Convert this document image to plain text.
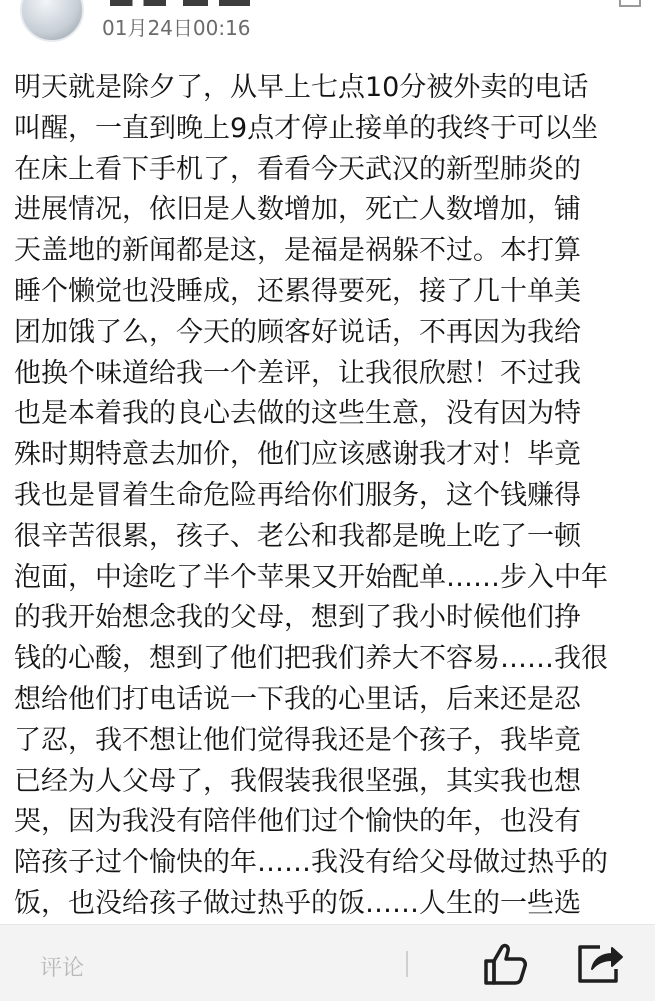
01月24日00:16
明天就是除夕了，从早上七点10分被外卖的电话
叫醒，一直到晚上9点才停止接单的我终于可以坐
在床上看下手机了，看看今天武汉的新型肺炎的
进展情况，依旧是人数增加，死亡人数增加，铺
天盖地的新闻都是这，是福是祸躲不过。本打算
睡个懒觉也没睡成，还累得要死，接了几十单美
团加饿了么，今天的顾客好说话，不再因为我给
他换个味道给我一个差评，让我很欣慰！不过我
也是本着我的良心去做的这些生意，没有因为特
殊时期特意去加价，他们应该感谢我才对！毕竟
我也是冒着生命危险再给你们服务，这个钱赚得
很辛苦很累，孩子、老公和我都是晚上吃了一顿
泡面，中途吃了半个苹果又开始配单……步入中年
的我开始想念我的父母，想到了我小时候他们挣
钱的心酸，想到了他们把我们养大不容易……我很
想给他们打电话说一下我的心里话，后来还是忍
了忍，我不想让他们觉得我还是个孩子，我毕竟
已经为人父母了，我假装我很坚强，其实我也想
哭，因为我没有陪伴他们过个愉快的年，也没有
陪孩子过个愉快的年……我没有给父母做过热乎的
饭，也没给孩子做过热乎的饭……人生的一些选
评论
